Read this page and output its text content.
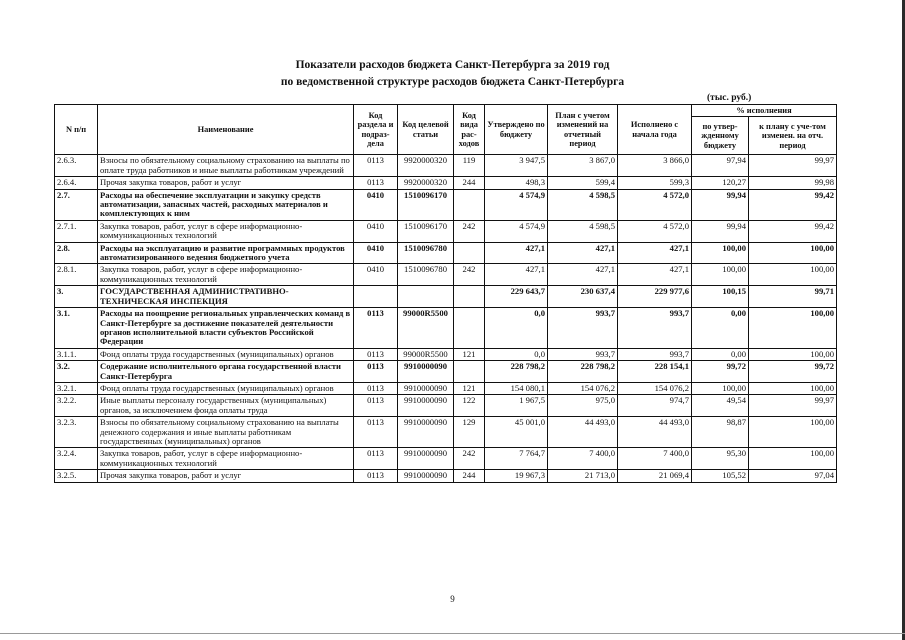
Показатели расходов бюджета Санкт-Петербурга за 2019 год
по ведомственной структуре расходов бюджета Санкт-Петербурга
(тыс. руб.)
N п/п	Наименование	Код раздела и подраз-дела	Код целевой статьи	Код вида рас-ходов	Утверждено по бюджету	План с учетом изменений на отчетный период	Исполнено с начала года	% исполнения	
								по утвер-жденному бюджету	к плану с уче-том изменен. на отч. период
2.6.3.	Взносы по обязательному социальному страхованию на выплаты по оплате труда работников и иные выплаты работникам учреждений	0113	9920000320	119	3 947,5	3 867,0	3 866,0	97,94	99,97
2.6.4.	Прочая закупка товаров, работ и услуг	0113	9920000320	244	498,3	599,4	599,3	120,27	99,98
2.7.	Расходы на обеспечение эксплуатации и закупку средств автоматизации, запасных частей, расходных материалов и комплектующих к ним	0410	1510096170		4 574,9	4 598,5	4 572,0	99,94	99,42
2.7.1.	Закупка товаров, работ, услуг в сфере информационно-коммуникационных технологий	0410	1510096170	242	4 574,9	4 598,5	4 572,0	99,94	99,42
2.8.	Расходы на эксплуатацию и развитие программных продуктов автоматизированного ведения бюджетного учета	0410	1510096780		427,1	427,1	427,1	100,00	100,00
2.8.1.	Закупка товаров, работ, услуг в сфере информационно-коммуникационных технологий	0410	1510096780	242	427,1	427,1	427,1	100,00	100,00
3.	ГОСУДАРСТВЕННАЯ АДМИНИСТРАТИВНО-ТЕХНИЧЕСКАЯ ИНСПЕКЦИЯ				229 643,7	230 637,4	229 977,6	100,15	99,71
3.1.	Расходы на поощрение региональных управленческих команд в Санкт-Петербурге за достижение показателей деятельности органов исполнительной власти субъектов Российской Федерации	0113	99000R5500		0,0	993,7	993,7	0,00	100,00
3.1.1.	Фонд оплаты труда государственных (муниципальных) органов	0113	99000R5500	121	0,0	993,7	993,7	0,00	100,00
3.2.	Содержание исполнительного органа государственной власти Санкт-Петербурга	0113	9910000090		228 798,2	228 798,2	228 154,1	99,72	99,72
3.2.1.	Фонд оплаты труда государственных (муниципальных) органов	0113	9910000090	121	154 080,1	154 076,2	154 076,2	100,00	100,00
3.2.2.	Иные выплаты персоналу государственных (муниципальных) органов, за исключением фонда оплаты труда	0113	9910000090	122	1 967,5	975,0	974,7	49,54	99,97
3.2.3.	Взносы по обязательному социальному страхованию на выплаты денежного содержания и иные выплаты работникам государственных (муниципальных) органов	0113	9910000090	129	45 001,0	44 493,0	44 493,0	98,87	100,00
3.2.4.	Закупка товаров, работ, услуг в сфере информационно-коммуникационных технологий	0113	9910000090	242	7 764,7	7 400,0	7 400,0	95,30	100,00
3.2.5.	Прочая закупка товаров, работ и услуг	0113	9910000090	244	19 967,3	21 713,0	21 069,4	105,52	97,04
9
